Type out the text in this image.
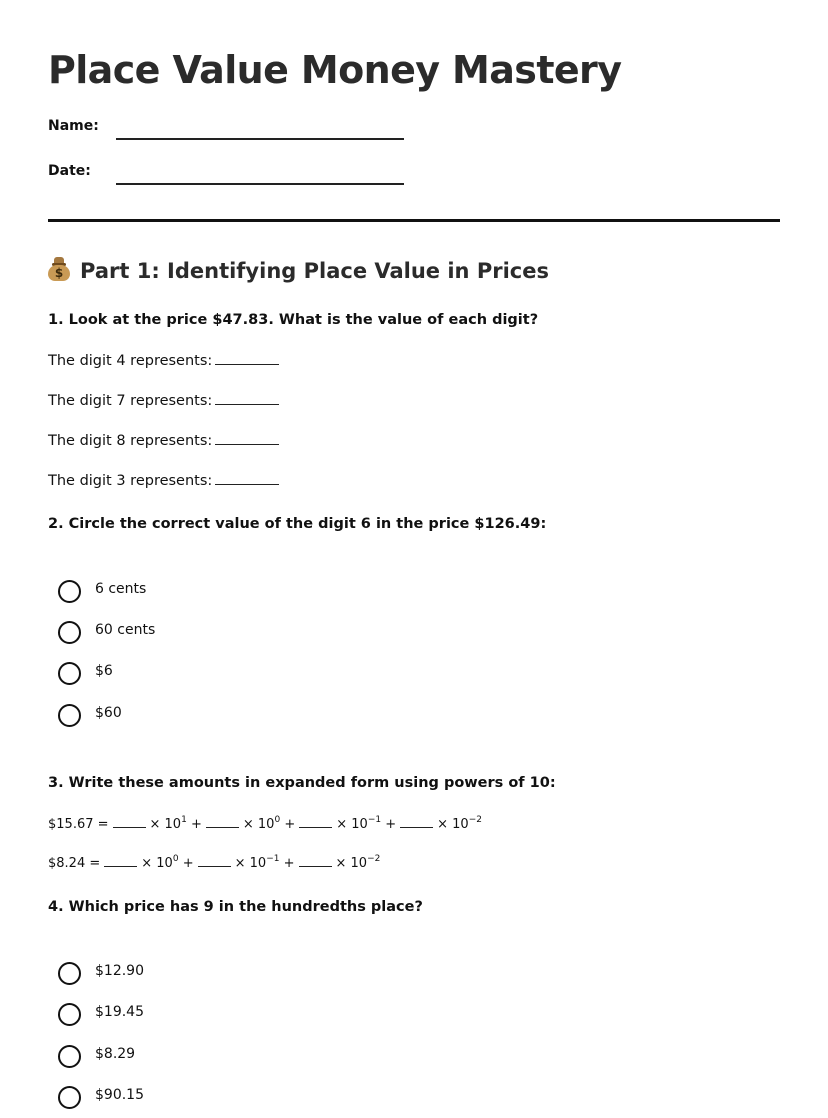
Place Value Money Mastery
Name:
Date:
$ Part 1: Identifying Place Value in Prices

1. Look at the price $47.83. What is the value of each digit?

The digit 4 represents:

The digit 7 represents:

The digit 8 represents:

The digit 3 represents:

2. Circle the correct value of the digit 6 in the price $126.49:

6 cents
60 cents
$6
$60

3. Write these amounts in expanded form using powers of 10:

$15.67 =	× $10^1$ +	× $10^0$ +	× $10^{-1}$ +	× $10^{-2}$

$8.24 =	× $10^0$ +	× $10^{-1}$ +	× $10^{-2}$

4. Which price has 9 in the hundredths place?

$12.90
$19.45
$8.29
$90.15
